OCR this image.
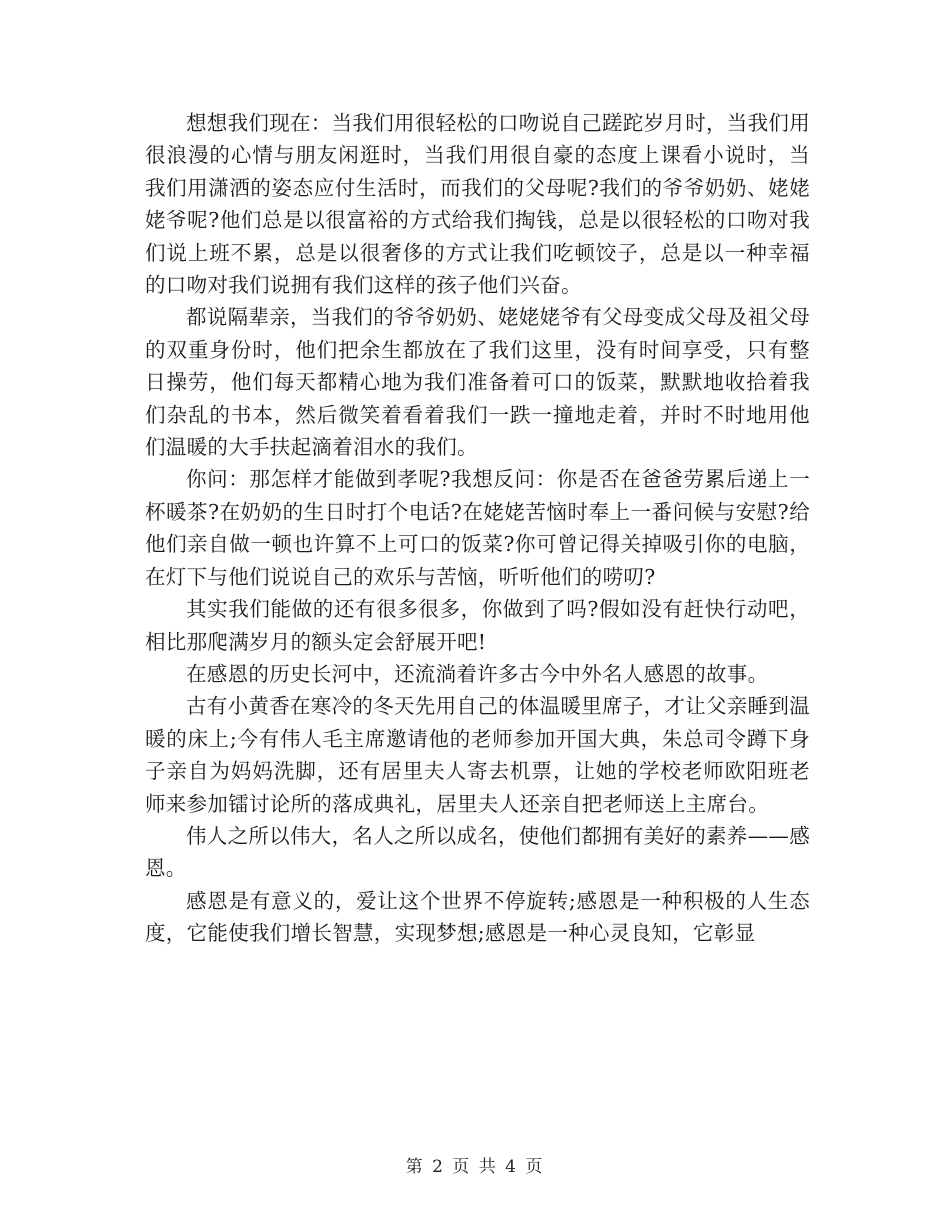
想想我们现在：当我们用很轻松的口吻说自己蹉跎岁月时，当我们用很浪漫的心情与朋友闲逛时，当我们用很自豪的态度上课看小说时，当我们用潇洒的姿态应付生活时，而我们的父母呢?我们的爷爷奶奶、姥姥姥爷呢?他们总是以很富裕的方式给我们掏钱，总是以很轻松的口吻对我们说上班不累，总是以很奢侈的方式让我们吃顿饺子，总是以一种幸福的口吻对我们说拥有我们这样的孩子他们兴奋。

都说隔辈亲，当我们的爷爷奶奶、姥姥姥爷有父母变成父母及祖父母的双重身份时，他们把余生都放在了我们这里，没有时间享受，只有整日操劳，他们每天都精心地为我们准备着可口的饭菜，默默地收拾着我们杂乱的书本，然后微笑着看着我们一跌一撞地走着，并时不时地用他们温暖的大手扶起滴着泪水的我们。

你问：那怎样才能做到孝呢?我想反问：你是否在爸爸劳累后递上一杯暖茶?在奶奶的生日时打个电话?在姥姥苦恼时奉上一番问候与安慰?给他们亲自做一顿也许算不上可口的饭菜?你可曾记得关掉吸引你的电脑，在灯下与他们说说自己的欢乐与苦恼，听听他们的唠叨?

其实我们能做的还有很多很多，你做到了吗?假如没有赶快行动吧，相比那爬满岁月的额头定会舒展开吧!

在感恩的历史长河中，还流淌着许多古今中外名人感恩的故事。

古有小黄香在寒冷的冬天先用自己的体温暖里席子，才让父亲睡到温暖的床上;今有伟人毛主席邀请他的老师参加开国大典，朱总司令蹲下身子亲自为妈妈洗脚，还有居里夫人寄去机票，让她的学校老师欧阳班老师来参加镭讨论所的落成典礼，居里夫人还亲自把老师送上主席台。

伟人之所以伟大，名人之所以成名，使他们都拥有美好的素养——感恩。

感恩是有意义的，爱让这个世界不停旋转;感恩是一种积极的人生态度，它能使我们增长智慧，实现梦想;感恩是一种心灵良知，它彰显

第 2 页 共 4 页
